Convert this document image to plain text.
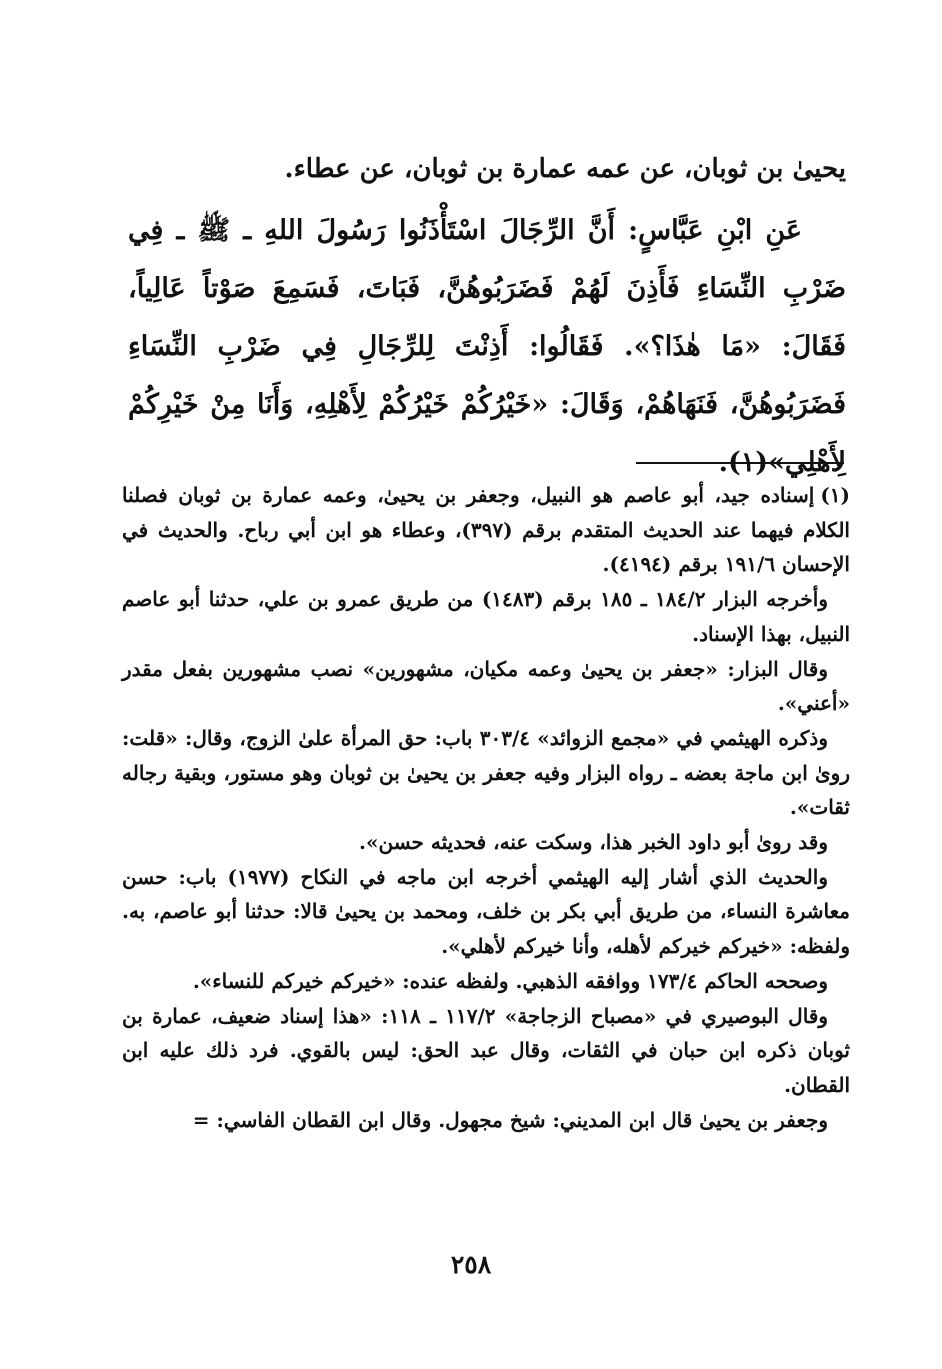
يحيىٰ بن ثوبان، عن عمه عمارة بن ثوبان، عن عطاء.

عَنِ ابْنِ عَبَّاسٍ: أَنَّ الرِّجَالَ اسْتَأْذَنُوا رَسُولَ اللهِ ـ ﷺ ـ فِي ضَرْبِ النِّسَاءِ فَأَذِنَ لَهُمْ فَضَرَبُوهُنَّ، فَبَاتَ، فَسَمِعَ صَوْتاً عَالِياً، فَقَالَ: «مَا هٰذَا؟». فَقَالُوا: أَذِنْتَ لِلرِّجَالِ فِي ضَرْبِ النِّسَاءِ فَضَرَبُوهُنَّ، فَنَهَاهُمْ، وَقَالَ: «خَيْرُكُمْ خَيْرُكُمْ لِأَهْلِهِ، وَأَنَا مِنْ خَيْرِكُمْ لِأَهْلِي»(١).

(١)إسناده جيد، أبو عاصم هو النبيل، وجعفر بن يحيىٰ، وعمه عمارة بن ثوبان فصلنا الكلام فيهما عند الحديث المتقدم برقم (٣٩٧)، وعطاء هو ابن أبي رباح. والحديث في الإحسان ١٩١/٦ برقم (٤١٩٤).

وأخرجه البزار ١٨٤/٢ ـ ١٨٥ برقم (١٤٨٣) من طريق عمرو بن علي، حدثنا أبو عاصم النبيل، بهذا الإسناد.

وقال البزار: «جعفر بن يحيىٰ وعمه مكيان، مشهورين» نصب مشهورين بفعل مقدر «أعني».

وذكره الهيثمي في «مجمع الزوائد» ٣٠٣/٤ باب: حق المرأة علىٰ الزوج، وقال: «قلت: روىٰ ابن ماجة بعضه ـ رواه البزار وفيه جعفر بن يحيىٰ بن ثوبان وهو مستور، وبقية رجاله ثقات».

وقد روىٰ أبو داود الخبر هذا، وسكت عنه، فحديثه حسن».

والحديث الذي أشار إليه الهيثمي أخرجه ابن ماجه في النكاح (١٩٧٧) باب: حسن معاشرة النساء، من طريق أبي بكر بن خلف، ومحمد بن يحيىٰ قالا: حدثنا أبو عاصم، به. ولفظه: «خيركم خيركم لأهله، وأنا خيركم لأهلي».

وصححه الحاكم ١٧٣/٤ ووافقه الذهبي. ولفظه عنده: «خيركم خيركم للنساء».

وقال البوصيري في «مصباح الزجاجة» ١١٧/٢ ـ ١١٨: «هذا إسناد ضعيف، عمارة بن ثوبان ذكره ابن حبان في الثقات، وقال عبد الحق: ليس بالقوي. فرد ذلك عليه ابن القطان.

وجعفر بن يحيىٰ قال ابن المديني: شيخ مجهول. وقال ابن القطان الفاسي: =

٢٥٨
